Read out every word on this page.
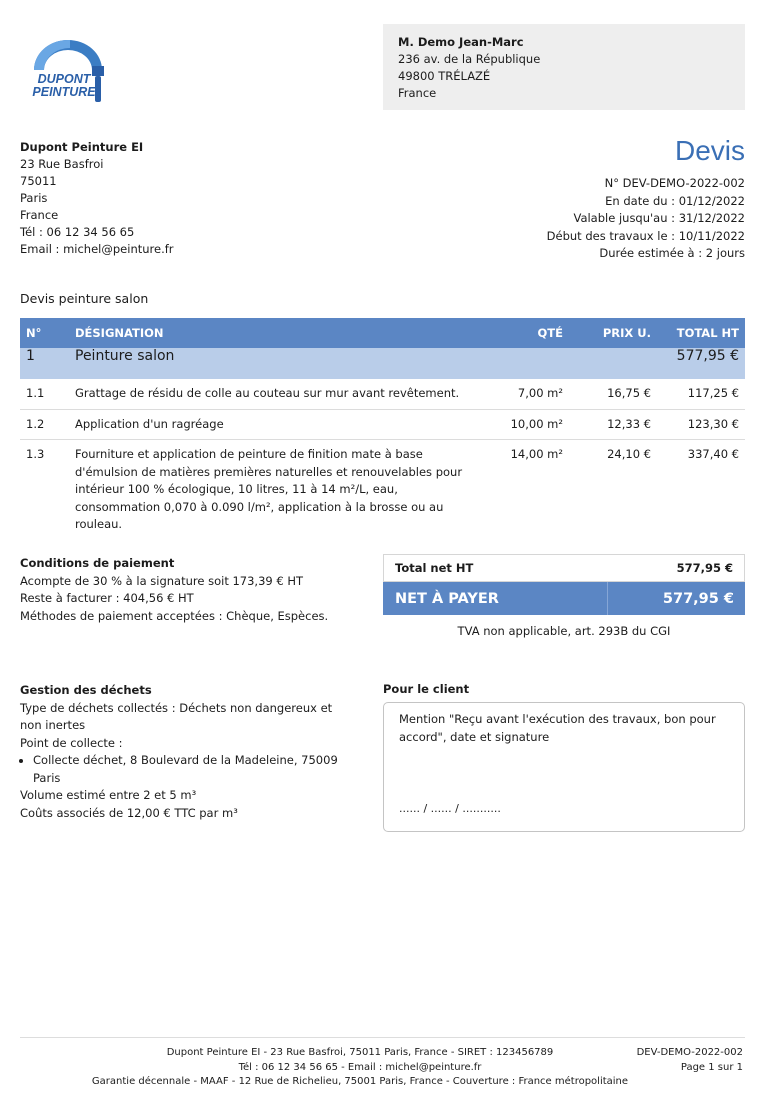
DUPONT
PEINTURE
M. Demo Jean-Marc
236 av. de la République
49800 TRÉLAZÉ
France
Dupont Peinture EI
23 Rue Basfroi
75011
Paris
France
Tél : 06 12 34 56 65
Email : michel@peinture.fr
Devis
N° DEV-DEMO-2022-002
En date du : 01/12/2022
Valable jusqu'au : 31/12/2022
Début des travaux le : 10/11/2022
Durée estimée à : 2 jours
Devis peinture salon
N°	DÉSIGNATION	QTÉ	PRIX U.	TOTAL HT
1	Peinture salon			577,95 €
1.1	Grattage de résidu de colle au couteau sur mur avant revêtement.	7,00 m²	16,75 €	117,25 €
1.2	Application d'un ragréage	10,00 m²	12,33 €	123,30 €
1.3	Fourniture et application de peinture de finition mate à base d'émulsion de matières premières naturelles et renouvelables pour intérieur 100 % écologique, 10 litres, 11 à 14 m²/L, eau, consommation 0,070 à 0.090 l/m², application à la brosse ou au rouleau.	14,00 m²	24,10 €	337,40 €
Conditions de paiement
Acompte de 30 % à la signature soit 173,39 € HT
Reste à facturer : 404,56 € HT
Méthodes de paiement acceptées : Chèque, Espèces.
Total net HT	577,95 €
NET À PAYER	577,95 €
TVA non applicable, art. 293B du CGI
Gestion des déchets
Type de déchets collectés : Déchets non dangereux et non inertes
Point de collecte :
• Collecte déchet, 8 Boulevard de la Madeleine, 75009 Paris
Volume estimé entre 2 et 5 m³
Coûts associés de 12,00 € TTC par m³
Pour le client
Mention "Reçu avant l'exécution des travaux, bon pour accord", date et signature
...... / ...... / ...........
Dupont Peinture EI - 23 Rue Basfroi, 75011 Paris, France - SIRET : 123456789
Tél : 06 12 34 56 65 - Email : michel@peinture.fr
Garantie décennale - MAAF - 12 Rue de Richelieu, 75001 Paris, France - Couverture : France métropolitaine
DEV-DEMO-2022-002
Page 1 sur 1
